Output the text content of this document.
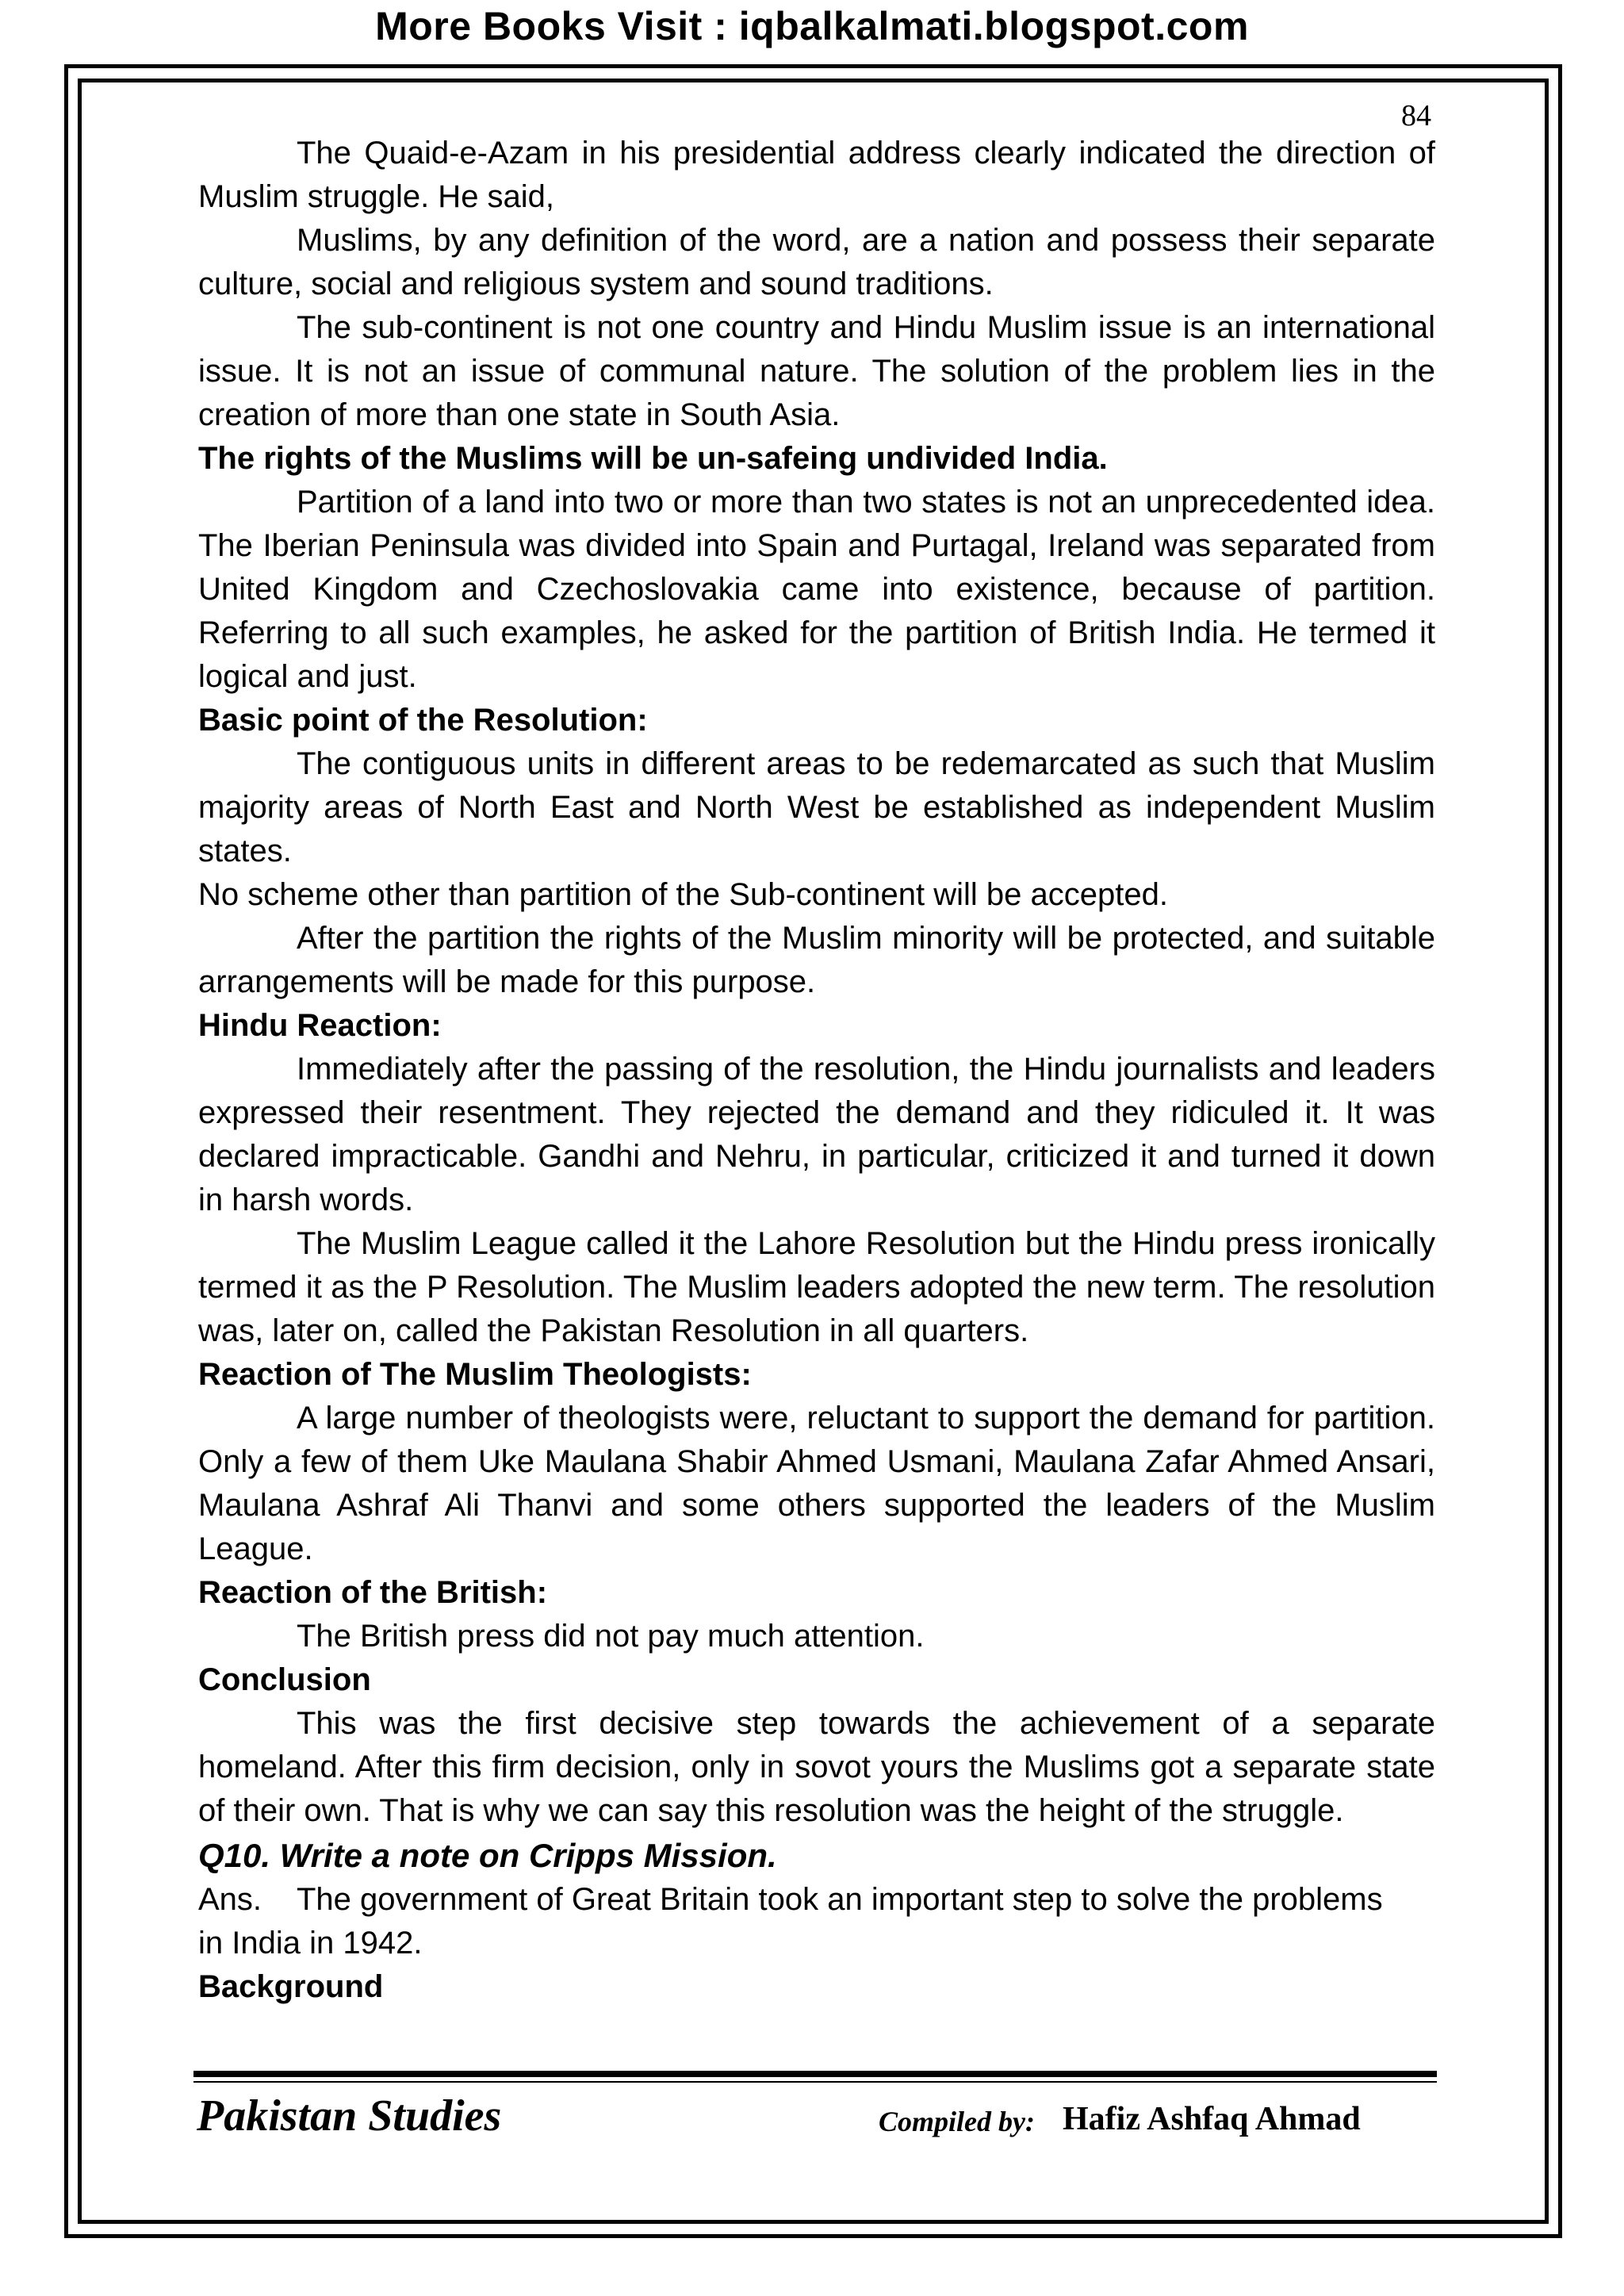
More Books Visit : iqbalkalmati.blogspot.com
84

The Quaid-e-Azam in his presidential address clearly indicated the direction of Muslim struggle. He said,

Muslims, by any definition of the word, are a nation and possess their separate culture, social and religious system and sound traditions.

The sub-continent is not one country and Hindu Muslim issue is an international issue. It is not an issue of communal nature. The solution of the problem lies in the creation of more than one state in South Asia.

The rights of the Muslims will be un-safeing undivided India.

Partition of a land into two or more than two states is not an unprecedented idea. The Iberian Peninsula was divided into Spain and Purtagal, Ireland was separated from United Kingdom and Czechoslovakia came into existence, because of partition. Referring to all such examples, he asked for the partition of British India. He termed it logical and just.

Basic point of the Resolution:

The contiguous units in different areas to be redemarcated as such that Muslim majority areas of North East and North West be established as independent Muslim states.

No scheme other than partition of the Sub-continent will be accepted.

After the partition the rights of the Muslim minority will be protected, and suitable arrangements will be made for this purpose.

Hindu Reaction:

Immediately after the passing of the resolution, the Hindu journalists and leaders expressed their resentment. They rejected the demand and they ridiculed it. It was declared impracticable. Gandhi and Nehru, in particular, criticized it and turned it down in harsh words.

The Muslim League called it the Lahore Resolution but the Hindu press ironically termed it as the P Resolution. The Muslim leaders adopted the new term. The resolution was, later on, called the Pakistan Resolution in all quarters.

Reaction of The Muslim Theologists:

A large number of theologists were, reluctant to support the demand for partition. Only a few of them Uke Maulana Shabir Ahmed Usmani, Maulana Zafar Ahmed Ansari, Maulana Ashraf Ali Thanvi and some others supported the leaders of the Muslim League.

Reaction of the British:

The British press did not pay much attention.

Conclusion

This was the first decisive step towards the achievement of a separate homeland. After this firm decision, only in sovot yours the Muslims got a separate state of their own. That is why we can say this resolution was the height of the struggle.

Q10. Write a note on Cripps Mission.

Ans.	The government of Great Britain took an important step to solve the problems

in India in 1942.

Background

Pakistan Studies	Compiled by: Hafiz Ashfaq Ahmad
